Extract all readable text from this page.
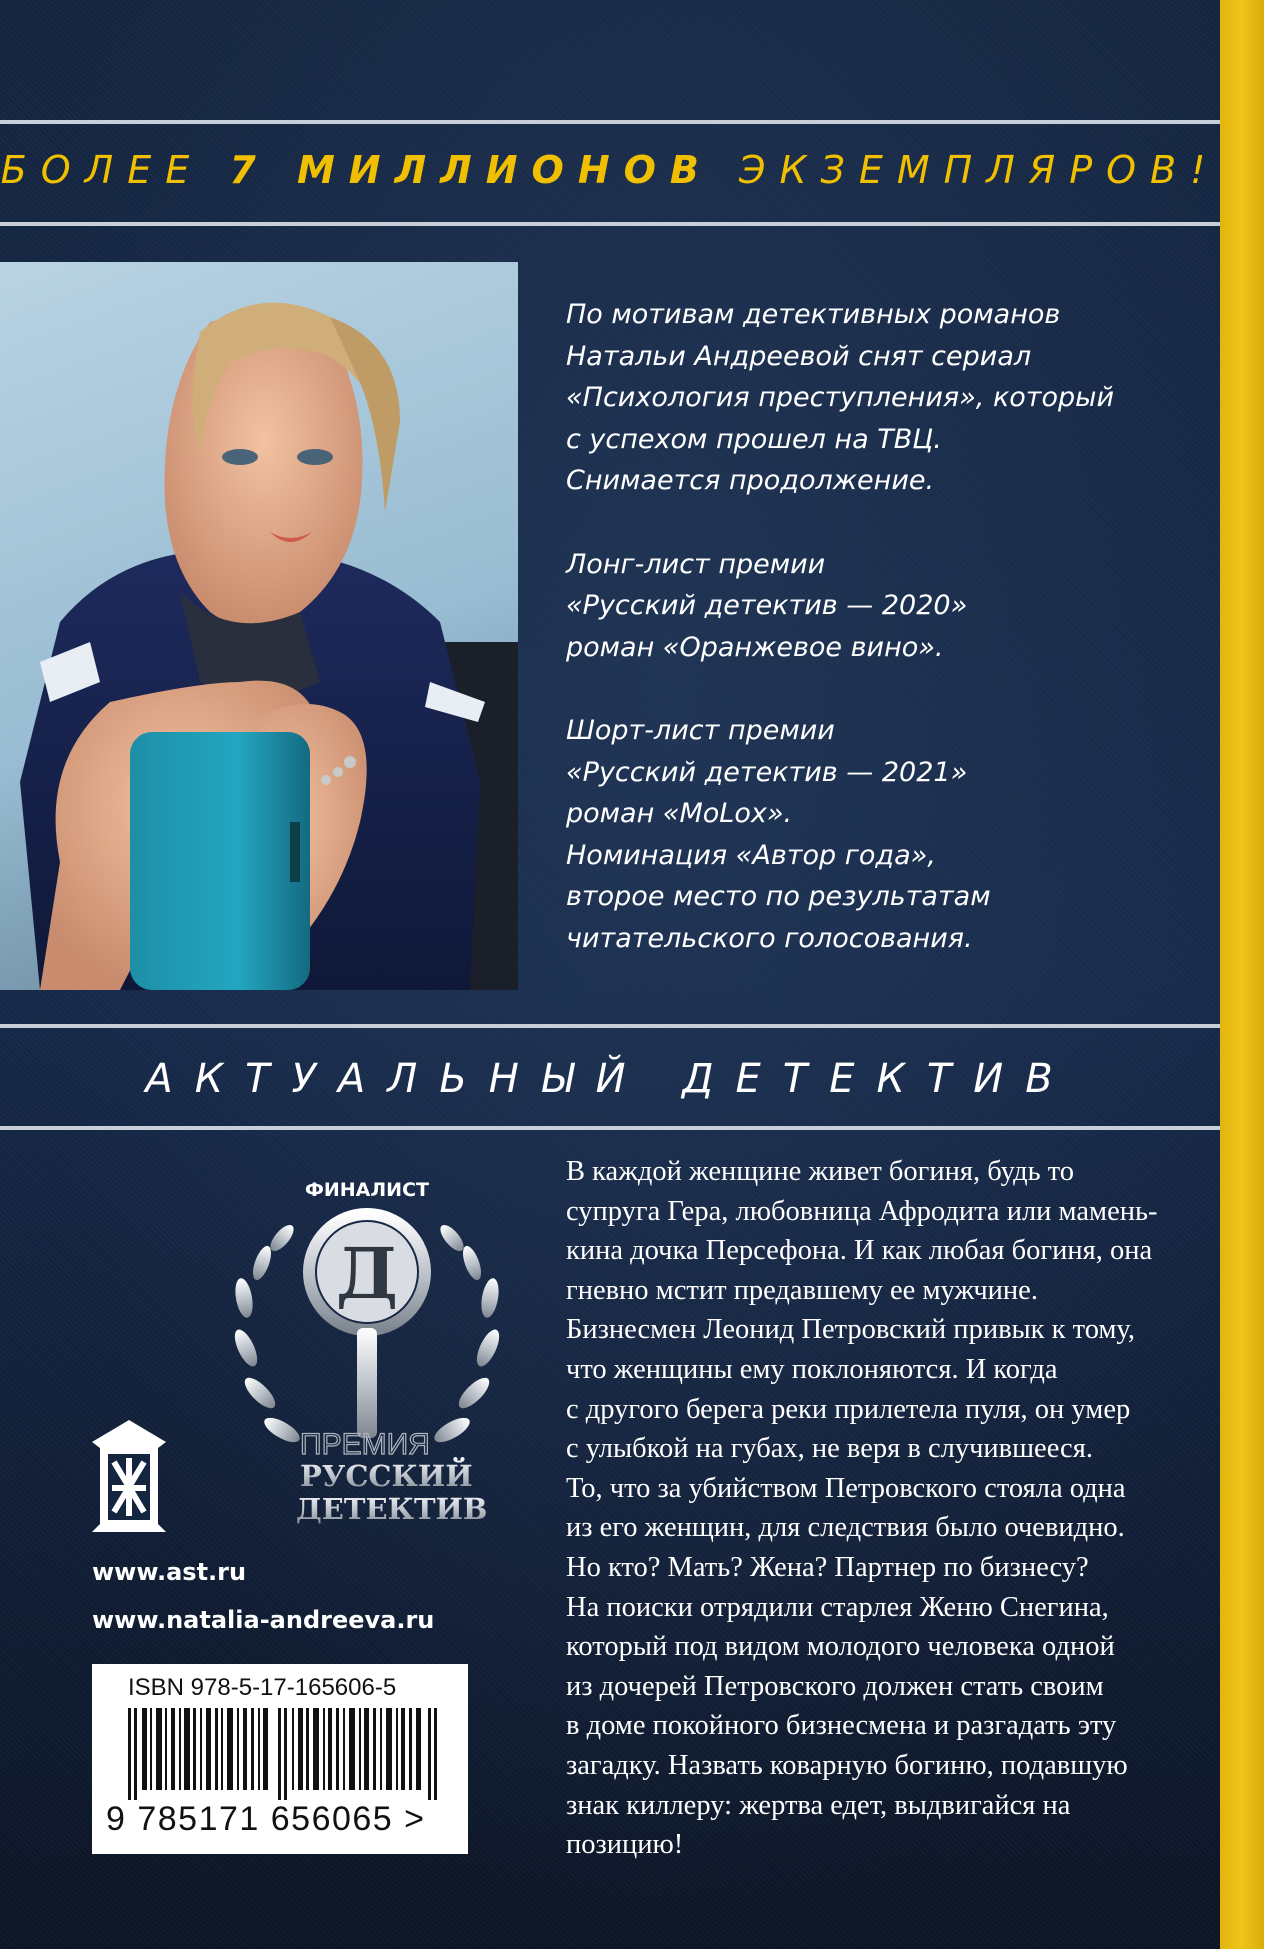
БОЛЕЕ 7 МИЛЛИОНОВ ЭКЗЕМПЛЯРОВ!

По мотивам детективных романов
Натальи Андреевой снят сериал
«Психология преступления», который
с успехом прошел на ТВЦ.
Снимается продолжение.

Лонг-лист премии
«Русский детектив — 2020»
роман «Оранжевое вино».

Шорт-лист премии
«Русский детектив — 2021»
роман «MoLox».
Номинация «Автор года»,
второе место по результатам
читательского голосования.

АКТУАЛЬНЫЙ ДЕТЕКТИВ
ФИНАЛИСТ
Д
ПРЕМИЯ
РУССКИЙ
ДЕТЕКТИВ
www.ast.ru
www.natalia-andreeva.ru
ISBN 978-5-17-165606-5
9 785171 656065 >
В каждой женщине живет богиня, будь то
супруга Гера, любовница Афродита или мамень-
кина дочка Персефона. И как любая богиня, она
гневно мстит предавшему ее мужчине.
Бизнесмен Леонид Петровский привык к тому,
что женщины ему поклоняются. И когда
с другого берега реки прилетела пуля, он умер
с улыбкой на губах, не веря в случившееся.
То, что за убийством Петровского стояла одна
из его женщин, для следствия было очевидно.
Но кто? Мать? Жена? Партнер по бизнесу?
На поиски отрядили старлея Женю Снегина,
который под видом молодого человека одной
из дочерей Петровского должен стать своим
в доме покойного бизнесмена и разгадать эту
загадку. Назвать коварную богиню, подавшую
знак киллеру: жертва едет, выдвигайся на
позицию!
